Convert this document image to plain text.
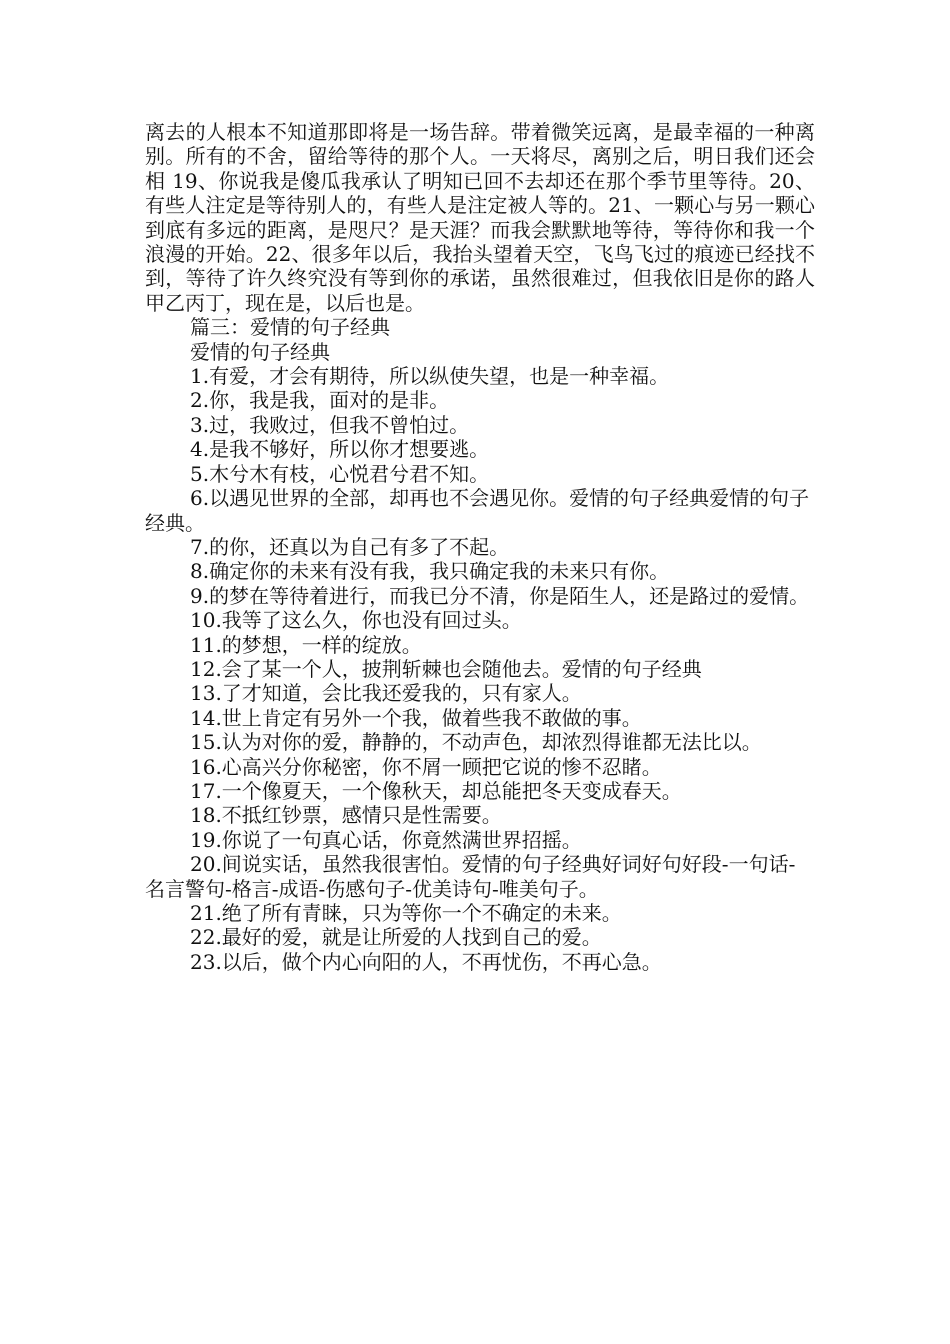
离去的人根本不知道那即将是一场告辞。带着微笑远离，是最幸福的一种离别。所有的不舍，留给等待的那个人。一天将尽，离别之后，明日我们还会相 19、你说我是傻瓜我承认了明知已回不去却还在那个季节里等待。20、有些人注定是等待别人的，有些人是注定被人等的。21、一颗心与另一颗心到底有多远的距离，是咫尺？是天涯？而我会默默地等待，等待你和我一个浪漫的开始。22、很多年以后，我抬头望着天空，飞鸟飞过的痕迹已经找不到，等待了许久终究没有等到你的承诺，虽然很难过，但我依旧是你的路人甲乙丙丁，现在是，以后也是。

篇三：爱情的句子经典

爱情的句子经典

1.有爱，才会有期待，所以纵使失望，也是一种幸福。

2.你，我是我，面对的是非。

3.过，我败过，但我不曾怕过。

4.是我不够好，所以你才想要逃。

5.木兮木有枝，心悦君兮君不知。

6.以遇见世界的全部，却再也不会遇见你。爱情的句子经典爱情的句子经典。

7.的你，还真以为自己有多了不起。

8.确定你的未来有没有我，我只确定我的未来只有你。

9.的梦在等待着进行，而我已分不清，你是陌生人，还是路过的爱情。

10.我等了这么久，你也没有回过头。

11.的梦想，一样的绽放。

12.会了某一个人，披荆斩棘也会随他去。爱情的句子经典

13.了才知道，会比我还爱我的，只有家人。

14.世上肯定有另外一个我，做着些我不敢做的事。

15.认为对你的爱，静静的，不动声色，却浓烈得谁都无法比以。

16.心高兴分你秘密，你不屑一顾把它说的惨不忍睹。

17.一个像夏天，一个像秋天，却总能把冬天变成春天。

18.不抵红钞票，感情只是性需要。

19.你说了一句真心话，你竟然满世界招摇。

20.间说实话，虽然我很害怕。爱情的句子经典好词好句好段-一句话-名言警句-格言-成语-伤感句子-优美诗句-唯美句子。

21.绝了所有青睐，只为等你一个不确定的未来。

22.最好的爱，就是让所爱的人找到自己的爱。

23.以后，做个内心向阳的人，不再忧伤，不再心急。
